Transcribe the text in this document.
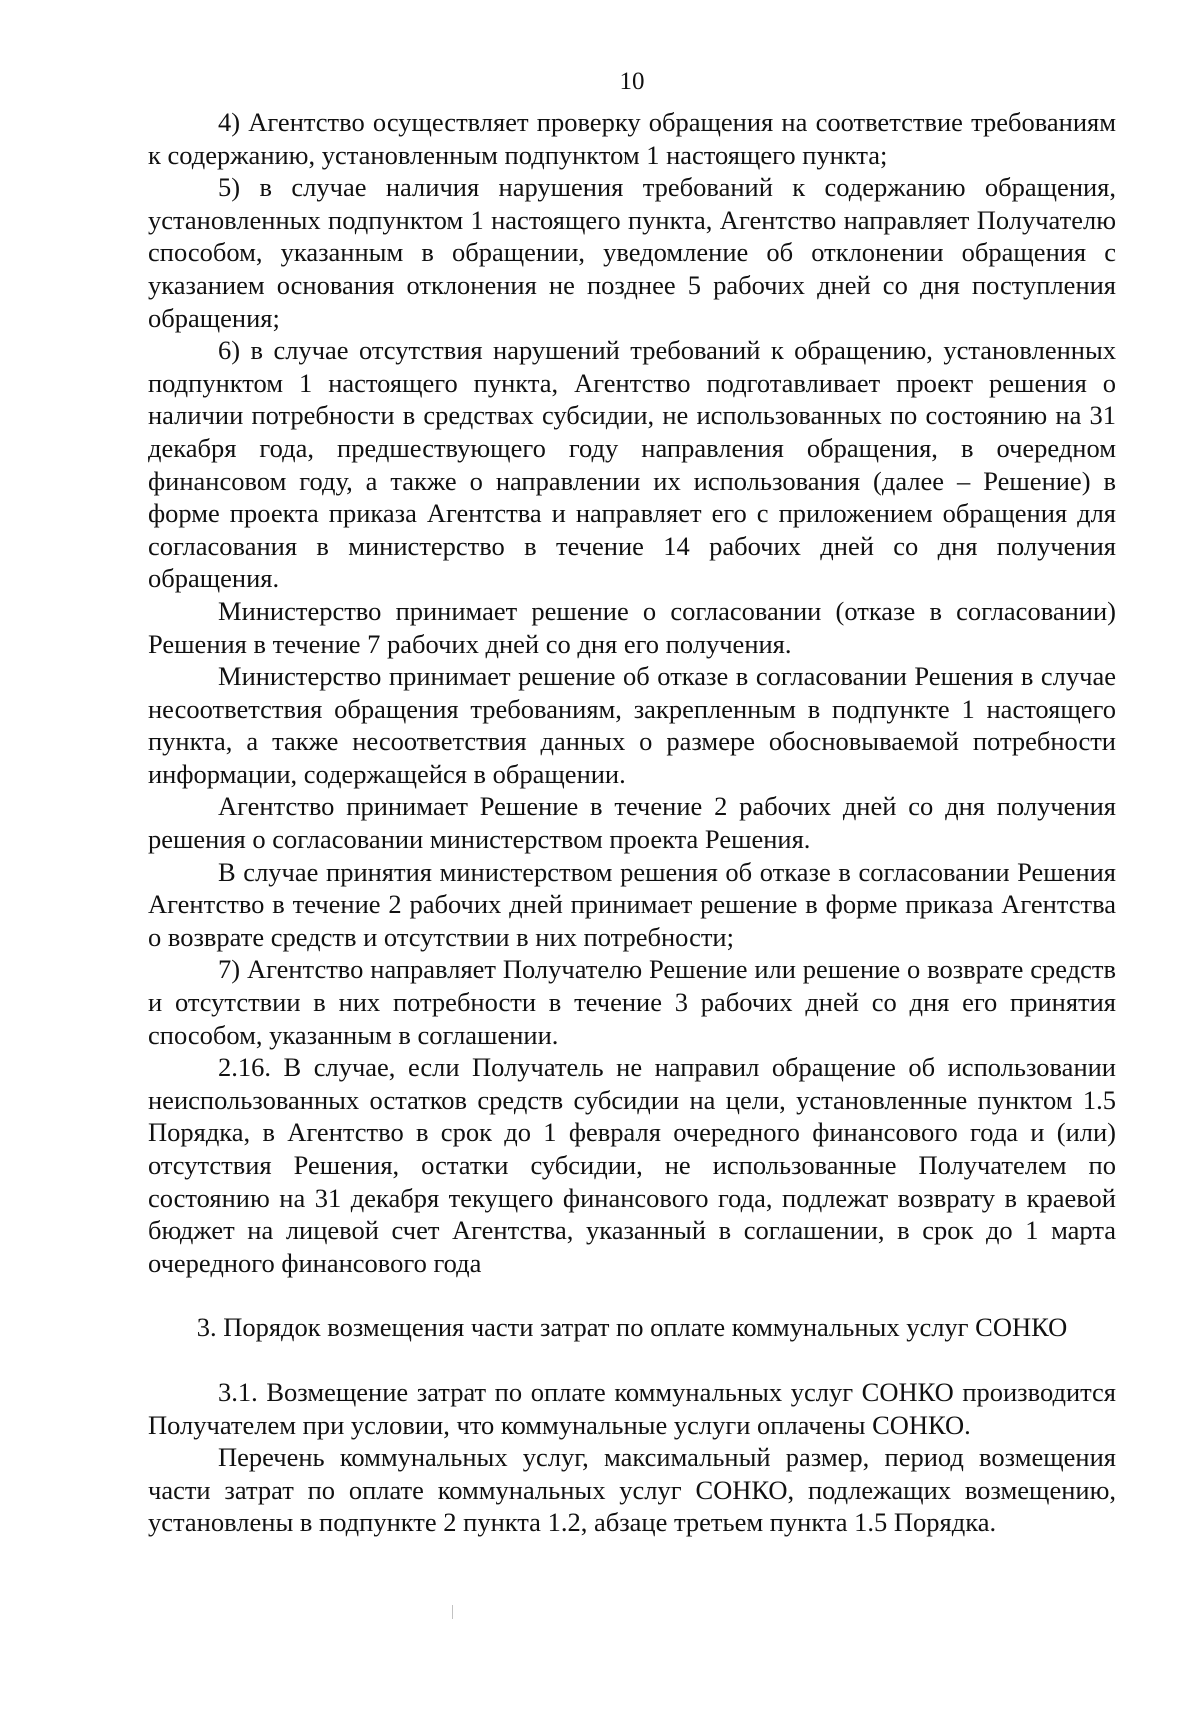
10

4) Агентство осуществляет проверку обращения на соответствие требованиям к содержанию, установленным подпунктом 1 настоящего пункта;

5) в случае наличия нарушения требований к содержанию обращения, установленных подпунктом 1 настоящего пункта, Агентство направляет Получателю способом, указанным в обращении, уведомление об отклонении обращения с указанием основания отклонения не позднее 5 рабочих дней со дня поступления обращения;

6) в случае отсутствия нарушений требований к обращению, установленных подпунктом 1 настоящего пункта, Агентство подготавливает проект решения о наличии потребности в средствах субсидии, не использованных по состоянию на 31 декабря года, предшествующего году направления обращения, в очередном финансовом году, а также о направлении их использования (далее – Решение) в форме проекта приказа Агентства и направляет его с приложением обращения для согласования в министерство в течение 14 рабочих дней со дня получения обращения.

Министерство принимает решение о согласовании (отказе в согласовании) Решения в течение 7 рабочих дней со дня его получения.

Министерство принимает решение об отказе в согласовании Решения в случае несоответствия обращения требованиям, закрепленным в подпункте 1 настоящего пункта, а также несоответствия данных о размере обосновываемой потребности информации, содержащейся в обращении.

Агентство принимает Решение в течение 2 рабочих дней со дня получения решения о согласовании министерством проекта Решения.

В случае принятия министерством решения об отказе в согласовании Решения Агентство в течение 2 рабочих дней принимает решение в форме приказа Агентства о возврате средств и отсутствии в них потребности;

7) Агентство направляет Получателю Решение или решение о возврате средств и отсутствии в них потребности в течение 3 рабочих дней со дня его принятия способом, указанным в соглашении.

2.16. В случае, если Получатель не направил обращение об использовании неиспользованных остатков средств субсидии на цели, установленные пунктом 1.5 Порядка, в Агентство в срок до 1 февраля очередного финансового года и (или) отсутствия Решения, остатки субсидии, не использованные Получателем по состоянию на 31 декабря текущего финансового года, подлежат возврату в краевой бюджет на лицевой счет Агентства, указанный в соглашении, в срок до 1 марта очередного финансового года

3. Порядок возмещения части затрат по оплате коммунальных услуг СОНКО

3.1. Возмещение затрат по оплате коммунальных услуг СОНКО производится Получателем при условии, что коммунальные услуги оплачены СОНКО.

Перечень коммунальных услуг, максимальный размер, период возмещения части затрат по оплате коммунальных услуг СОНКО, подлежащих возмещению, установлены в подпункте 2 пункта 1.2, абзаце третьем пункта 1.5 Порядка.
